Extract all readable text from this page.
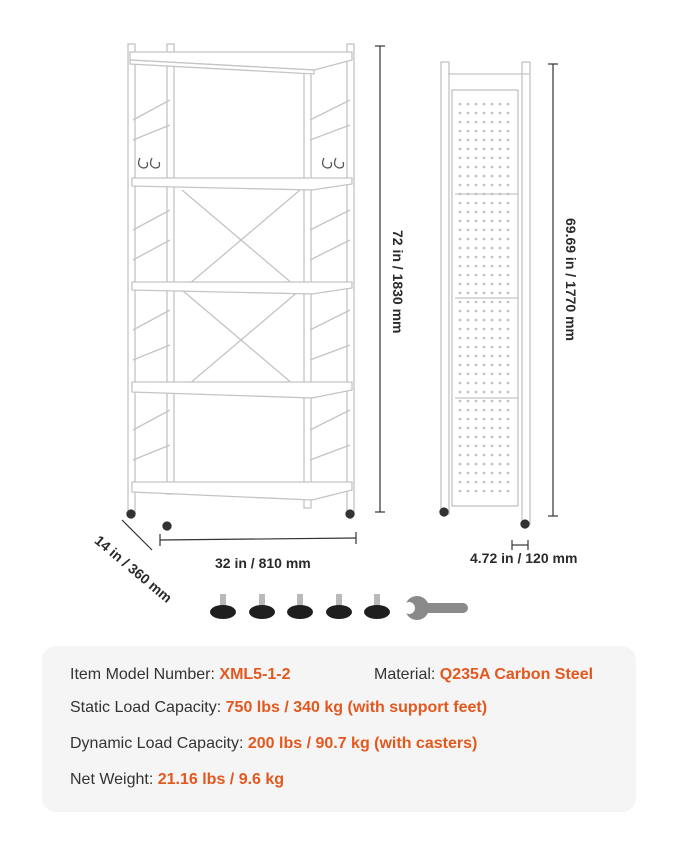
72 in / 1830 mm	69.69 in / 1770 mm
32 in / 810 mm
14 in / 360 mm	4.72 in / 120 mm
Item Model Number: XML5-1-2	Material: Q235A Carbon Steel
Static Load Capacity: 750 lbs / 340 kg (with support feet)
Dynamic Load Capacity: 200 lbs / 90.7 kg (with casters)
Net Weight: 21.16 lbs / 9.6 kg
